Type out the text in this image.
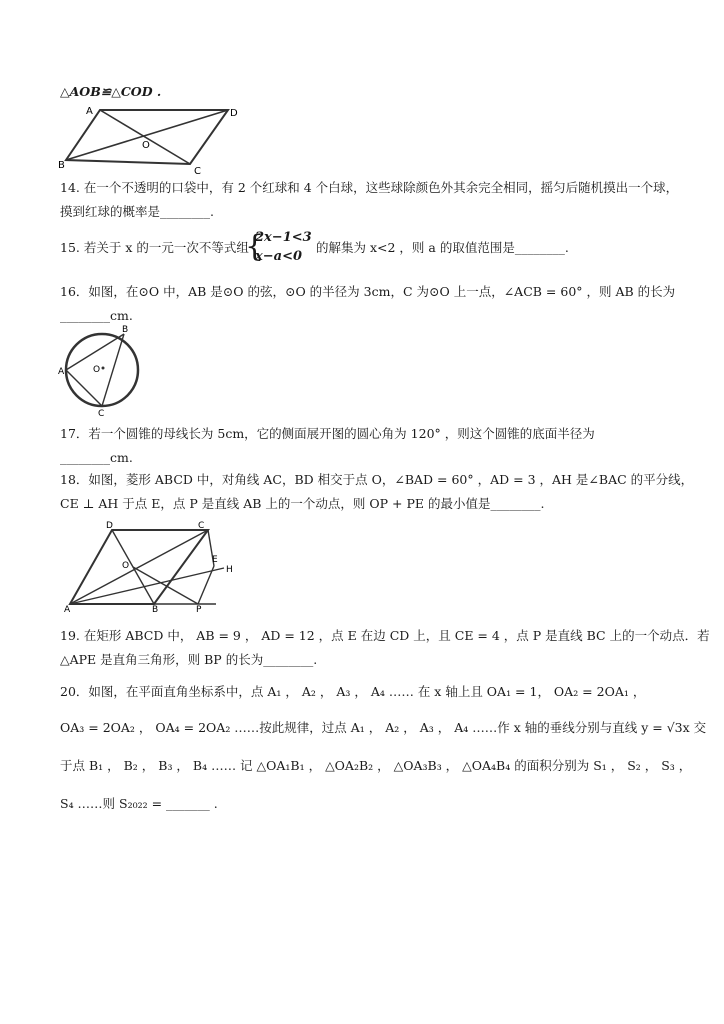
△AOB≌△COD .
A	D
B
C
O
14. 在一个不透明的口袋中，有 2 个红球和 4 个白球，这些球除颜色外其余完全相同，摇匀后随机摸出一个球，
摸到红球的概率是________.
15. 若关于 x 的一元一次不等式组
{
2x−1<3
x−a<0
的解集为 x<2 ，则 a 的取值范围是________.
16．如图，在⊙O 中，AB 是⊙O 的弦，⊙O 的半径为 3cm，C 为⊙O 上一点，∠ACB = 60° ，则 AB 的长为
________cm.
A
B
C
O
17．若一个圆锥的母线长为 5cm，它的侧面展开图的圆心角为 120° ，则这个圆锥的底面半径为
________cm.
18．如图，菱形 ABCD 中，对角线 AC，BD 相交于点 O，∠BAD = 60° ，AD = 3 ，AH 是∠BAC 的平分线，
CE ⊥ AH 于点 E，点 P 是直线 AB 上的一个动点，则 OP + PE 的最小值是________.
A	B	P
C
D
O
E
H
19. 在矩形 ABCD 中， AB = 9 ， AD = 12 ，点 E 在边 CD 上，且 CE = 4 ，点 P 是直线 BC 上的一个动点．若
△APE 是直角三角形，则 BP 的长为________.
20．如图，在平面直角坐标系中，点 A₁ ， A₂ ， A₃ ， A₄ …… 在 x 轴上且 OA₁ = 1， OA₂ = 2OA₁ ，
OA₃ = 2OA₂ ， OA₄ = 2OA₂ ……按此规律，过点 A₁ ， A₂ ， A₃ ， A₄ ……作 x 轴的垂线分别与直线 y = √3x 交
于点 B₁ ， B₂ ， B₃ ， B₄ …… 记 △OA₁B₁ ， △OA₂B₂ ， △OA₃B₃ ， △OA₄B₄ 的面积分别为 S₁ ， S₂ ， S₃ ，
S₄ ……则 S₂₀₂₂ = _______ .
